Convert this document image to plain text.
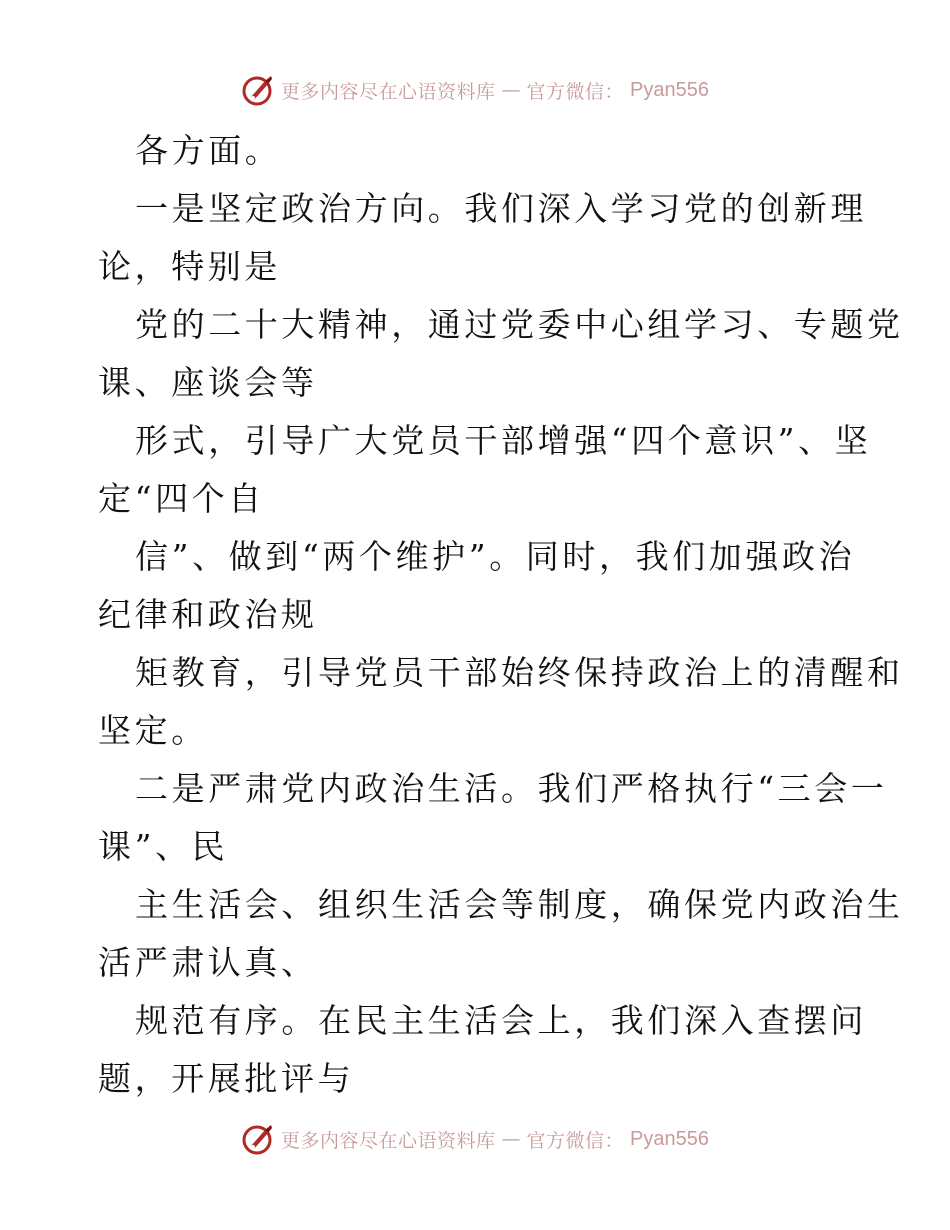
更多内容尽在心语资料库 — 官方微信： Pyan556
各方面。
一是坚定政治方向。我们深入学习党的创新理
论，特别是
党的二十大精神，通过党委中心组学习、专题党
课、座谈会等
形式，引导广大党员干部增强“四个意识”、坚
定“四个自
信”、做到“两个维护”。同时，我们加强政治
纪律和政治规
矩教育，引导党员干部始终保持政治上的清醒和
坚定。
二是严肃党内政治生活。我们严格执行“三会一
课”、民
主生活会、组织生活会等制度，确保党内政治生
活严肃认真、
规范有序。在民主生活会上，我们深入查摆问
题，开展批评与
更多内容尽在心语资料库 — 官方微信： Pyan556
